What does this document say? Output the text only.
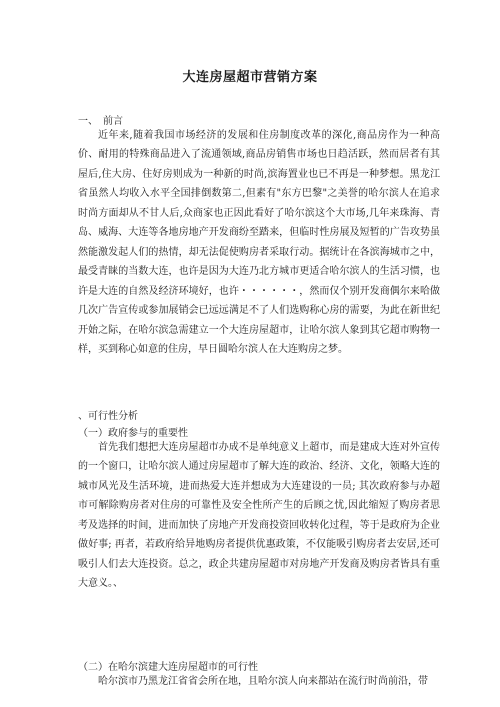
大连房屋超市营销方案
一、　前言
近年来,随着我国市场经济的发展和住房制度改革的深化,商品房作为一种高价、耐用的特殊商品进入了流通领域,商品房销售市场也日趋活跃，然而居者有其屋后,住大房、住好房则成为一种新的时尚,滨海置业也已不再是一种梦想。黑龙江省虽然人均收入水平全国排倒数第二,但素有"东方巴黎"之美誉的哈尔滨人在追求时尚方面却从不甘人后,众商家也正因此看好了哈尔滨这个大市场,几年来珠海、青岛、威海、大连等各地房地产开发商纷至踏来，但临时性房展及短暂的广告攻势虽然能激发起人们的热情，却无法促使购房者采取行动。据统计在各滨海城市之中，最受青睐的当数大连，也许是因为大连乃北方城市更适合哈尔滨人的生活习惯，也许是大连的自然及经济环境好，也许・・・・・・，然而仅个别开发商偶尔来哈做几次广告宣传或参加展销会已远远满足不了人们选购称心房的需要，为此在新世纪开始之际，在哈尔滨急需建立一个大连房屋超市，让哈尔滨人象到其它超市购物一样，买到称心如意的住房，早日圆哈尔滨人在大连购房之梦。
、可行性分析
（一）政府参与的重要性
首先我们想把大连房屋超市办成不是单纯意义上超市，而是建成大连对外宣传的一个窗口，让哈尔滨人通过房屋超市了解大连的政治、经济、文化，领略大连的城市风光及生活环境，进而热爱大连并想成为大连建设的一员; 其次政府参与办超市可解除购房者对住房的可靠性及安全性所产生的后顾之忧,因此缩短了购房者思考及选择的时间，进而加快了房地产开发商投资回收转化过程，等于是政府为企业做好事; 再者，若政府给异地购房者提供优惠政策，不仅能吸引购房者去安居,还可吸引人们去大连投资。总之，政企共建房屋超市对房地产开发商及购房者皆具有重大意义。、
（二）在哈尔滨建大连房屋超市的可行性
哈尔滨市乃黑龙江省省会所在地，且哈尔滨人向来都站在流行时尚前沿，带
